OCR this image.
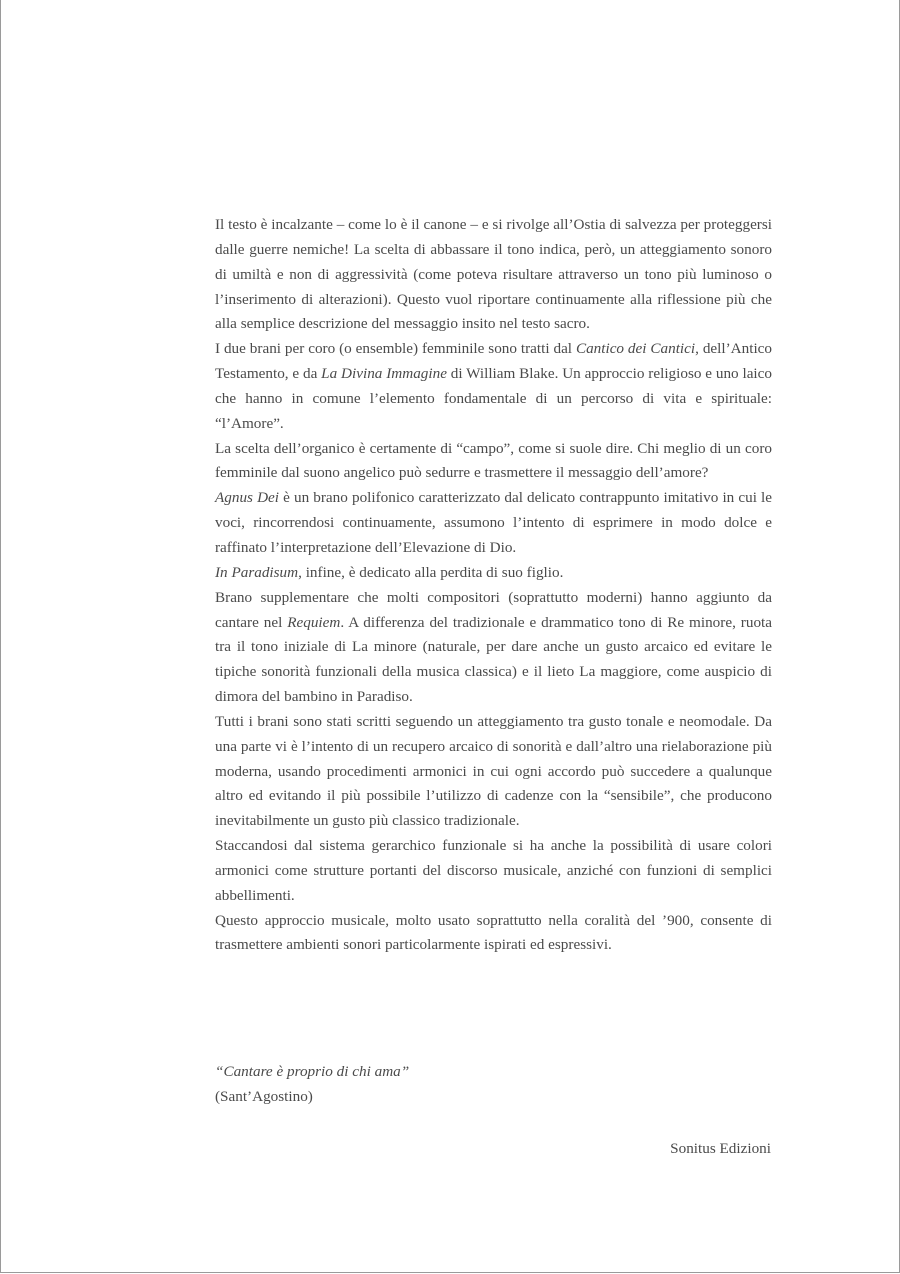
Il testo è incalzante – come lo è il canone – e si rivolge all’Ostia di salvezza per proteggersi dalle guerre nemiche! La scelta di abbassare il tono indica, però, un atteggiamento sonoro di umiltà e non di aggressività (come poteva risultare attraverso un tono più luminoso o l’inserimento di alterazioni). Questo vuol riportare continuamente alla riflessione più che alla semplice descrizione del messaggio insito nel testo sacro.

I due brani per coro (o ensemble) femminile sono tratti dal Cantico dei Cantici, dell’Antico Testamento, e da La Divina Immagine di William Blake. Un approccio religioso e uno laico che hanno in comune l’elemento fondamentale di un percorso di vita e spirituale: “l’Amore”.

La scelta dell’organico è certamente di “campo”, come si suole dire. Chi meglio di un coro femminile dal suono angelico può sedurre e trasmettere il messaggio dell’amore?

Agnus Dei è un brano polifonico caratterizzato dal delicato contrappunto imitativo in cui le voci, rincorrendosi continuamente, assumono l’intento di esprimere in modo dolce e raffinato l’interpretazione dell’Elevazione di Dio.

In Paradisum, infine, è dedicato alla perdita di suo figlio.

Brano supplementare che molti compositori (soprattutto moderni) hanno aggiunto da cantare nel Requiem. A differenza del tradizionale e drammatico tono di Re minore, ruota tra il tono iniziale di La minore (naturale, per dare anche un gusto arcaico ed evitare le tipiche sonorità funzionali della musica classica) e il lieto La maggiore, come auspicio di dimora del bambino in Paradiso.

Tutti i brani sono stati scritti seguendo un atteggiamento tra gusto tonale e neomodale. Da una parte vi è l’intento di un recupero arcaico di sonorità e dall’altro una rielaborazione più moderna, usando procedimenti armonici in cui ogni accordo può succedere a qualunque altro ed evitando il più possibile l’utilizzo di cadenze con la “sensibile”, che producono inevitabilmente un gusto più classico tradizionale.

Staccandosi dal sistema gerarchico funzionale si ha anche la possibilità di usare colori armonici come strutture portanti del discorso musicale, anziché con funzioni di semplici abbellimenti.

Questo approccio musicale, molto usato soprattutto nella coralità del ’900, consente di trasmettere ambienti sonori particolarmente ispirati ed espressivi.

“Cantare è proprio di chi ama”

(Sant’Agostino)

Sonitus Edizioni
